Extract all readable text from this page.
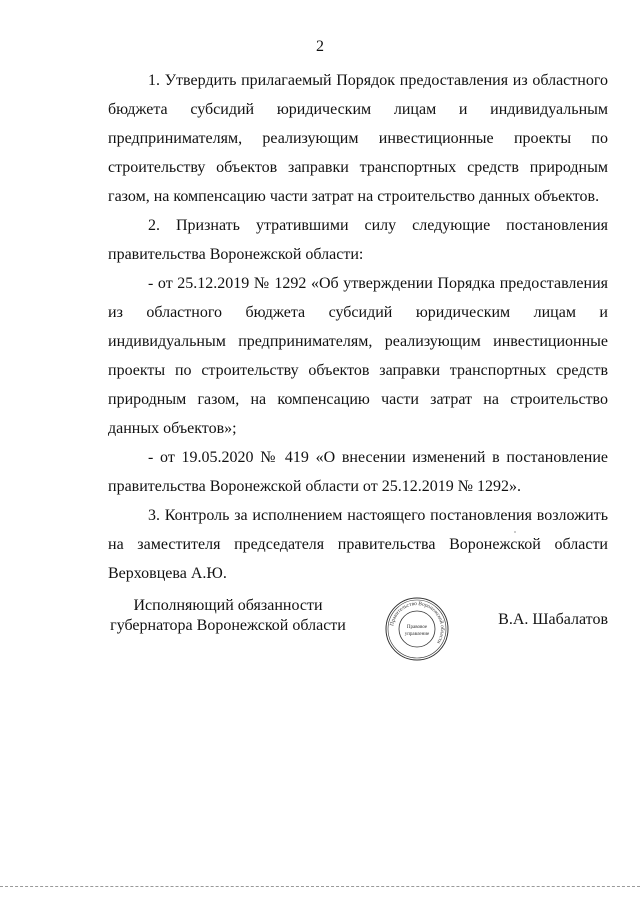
2

1. Утвердить прилагаемый Порядок предоставления из областного бюджета субсидий юридическим лицам и индивидуальным предпринимателям, реализующим инвестиционные проекты по строительству объектов заправки транспортных средств природным газом, на компенсацию части затрат на строительство данных объектов.

2. Признать утратившими силу следующие постановления правительства Воронежской области:

- от 25.12.2019 № 1292 «Об утверждении Порядка предоставления из областного бюджета субсидий юридическим лицам и индивидуальным предпринимателям, реализующим инвестиционные проекты по строительству объектов заправки транспортных средств природным газом, на компенсацию части затрат на строительство данных объектов»;

- от 19.05.2020 № 419 «О внесении изменений в постановление правительства Воронежской области от 25.12.2019 № 1292».

3. Контроль за исполнением настоящего постановления возложить на заместителя председателя правительства Воронежской области Верховцева А.Ю.

Исполняющий обязанности
губернатора Воронежской области	Правительство Воронежской области
Правовое
управление
В.А. Шабалатов
